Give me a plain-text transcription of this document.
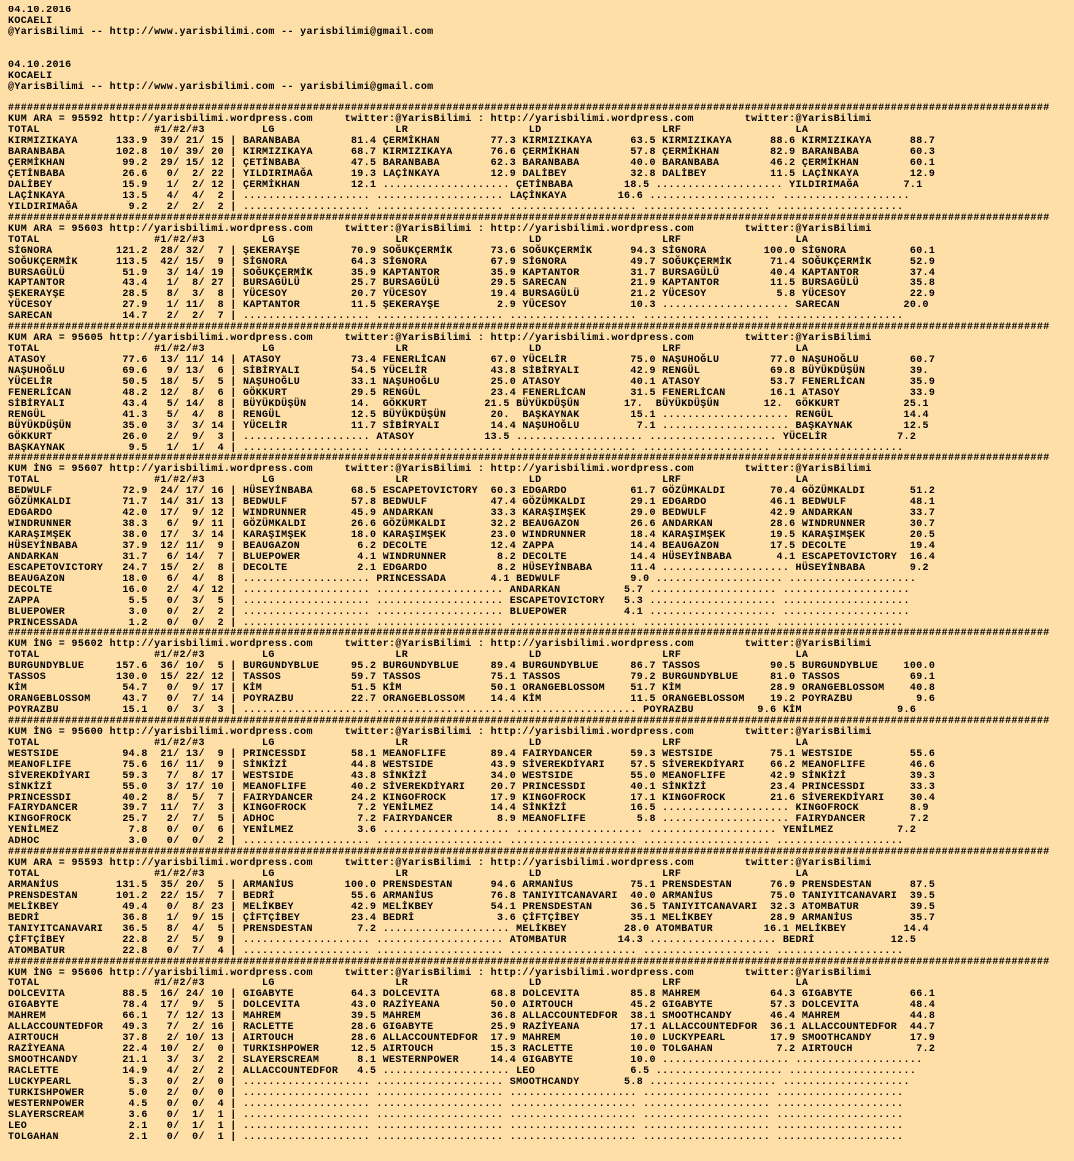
04.10.2016
KOCAELI
@YarisBilimi -- http://www.yarisbilimi.com -- yarisbilimi@gmail.com

04.10.2016
KOCAELI
@YarisBilimi -- http://www.yarisbilimi.com -- yarisbilimi@gmail.com

####################################################################################################################################################################
KUM ARA = 95592 http://yarisbilimi.wordpress.com     twitter:@YarisBilimi : http://yarisbilimi.wordpress.com        twitter:@YarisBilimi
TOTAL                  #1/#2/#3         LG                   LR                   LD                   LRF                  LA
KIRMIZIKAYA      133.9  39/ 21/ 15 | BARANBABA        81.4 ÇERMİKHAN        77.3 KIRMIZIKAYA      63.5 KIRMIZIKAYA      88.6 KIRMIZIKAYA      88.7
BARANBABA        102.8  10/ 39/ 20 | KIRMIZIKAYA      68.7 KIRMIZIKAYA      76.6 ÇERMİKHAN        57.8 ÇERMİKHAN        82.9 BARANBABA        60.3
ÇERMİKHAN         99.2  29/ 15/ 12 | ÇETİNBABA        47.5 BARANBABA        62.3 BARANBABA        40.0 BARANBABA        46.2 ÇERMİKHAN        60.1
ÇETİNBABA         26.6   0/  2/ 22 | YILDIRIMAĞA      19.3 LAÇİNKAYA        12.9 DALİBEY          32.8 DALİBEY          11.5 LAÇİNKAYA        12.9
DALİBEY           15.9   1/  2/ 12 | ÇERMİKHAN        12.1 .................... ÇETİNBABA        18.5 .................... YILDIRIMAĞA       7.1
LAÇİNKAYA         13.5   4/  4/  2 | .................... .................... LAÇİNKAYA        16.6 .................... ....................
YILDIRIMAĞA        9.2   2/  2/  2 | .................... .................... .................... .................... ....................
####################################################################################################################################################################
KUM ARA = 95603 http://yarisbilimi.wordpress.com     twitter:@YarisBilimi : http://yarisbilimi.wordpress.com        twitter:@YarisBilimi
TOTAL                  #1/#2/#3         LG                   LR                   LD                   LRF                  LA
SİGNORA          121.2  28/ 32/  7 | ŞEKERAYŞE        70.9 SOĞUKÇERMİK      73.6 SOĞUKÇERMİK      94.3 SİGNORA         100.0 SİGNORA          60.1
SOĞUKÇERMİK      113.5  42/ 15/  9 | SİGNORA          64.3 SİGNORA          67.9 SİGNORA          49.7 SOĞUKÇERMİK      71.4 SOĞUKÇERMİK      52.9
BURSAGÜLÜ         51.9   3/ 14/ 19 | SOĞUKÇERMİK      35.9 KAPTANTOR        35.9 KAPTANTOR        31.7 BURSAGÜLÜ        40.4 KAPTANTOR        37.4
KAPTANTOR         43.4   1/  8/ 27 | BURSAGÜLÜ        25.7 BURSAGÜLÜ        29.5 SARECAN          21.9 KAPTANTOR        11.5 BURSAGÜLÜ        35.8
ŞEKERAYŞE         28.5   8/  3/  8 | YÜCESOY          20.7 YÜCESOY          19.4 BURSAGÜLÜ        21.2 YÜCESOY           5.8 YÜCESOY          22.9
YÜCESOY           27.9   1/ 11/  8 | KAPTANTOR        11.5 ŞEKERAYŞE         2.9 YÜCESOY          10.3 .................... SARECAN          20.0
SARECAN           14.7   2/  2/  7 | .................... .................... .................... .................... ....................
####################################################################################################################################################################
KUM ARA = 95605 http://yarisbilimi.wordpress.com     twitter:@YarisBilimi : http://yarisbilimi.wordpress.com        twitter:@YarisBilimi
TOTAL                  #1/#2/#3         LG                   LR                   LD                   LRF                  LA
ATASOY            77.6  13/ 11/ 14 | ATASOY           73.4 FENERLİCAN       67.0 YÜCELİR          75.0 NAŞUHOĞLU        77.0 NAŞUHOĞLU        60.7
NAŞUHOĞLU         69.6   9/ 13/  6 | SİBİRYALI        54.5 YÜCELİR          43.8 SİBİRYALI        42.9 RENGÜL           69.8 BÜYÜKDÜŞÜN       39.
YÜCELİR           50.5  18/  5/  5 | NAŞUHOĞLU        33.1 NAŞUHOĞLU        25.0 ATASOY           40.1 ATASOY           53.7 FENERLİCAN       35.9
FENERLİCAN        48.2  12/  8/  6 | GÖKKURT          29.5 RENGÜL           23.4 FENERLİCAN       31.5 FENERLİCAN       16.1 ATASOY           33.9
SİBİRYALI         43.4   5/ 14/  8 | BÜYÜKDÜŞÜN       14.  GÖKKURT         21.5 BÜYÜKDÜŞÜN       17.  BÜYÜKDÜŞÜN       12.  GÖKKURT          25.1
RENGÜL            41.3   5/  4/  8 | RENGÜL           12.5 BÜYÜKDÜŞÜN       20.  BAŞKAYNAK        15.1 .................... RENGÜL           14.4
BÜYÜKDÜŞÜN        35.0   3/  3/ 14 | YÜCELİR          11.7 SİBİRYALI        14.4 NAŞUHOĞLU         7.1 .................... BAŞKAYNAK        12.5
GÖKKURT           26.0   2/  9/  3 | .................... ATASOY           13.5 .................... .................... YÜCELİR           7.2
BAŞKAYNAK          9.5   1/  1/  4 | .................... .................... .................... .................... ....................
####################################################################################################################################################################
KUM İNG = 95607 http://yarisbilimi.wordpress.com     twitter:@YarisBilimi : http://yarisbilimi.wordpress.com        twitter:@YarisBilimi
TOTAL                  #1/#2/#3         LG                   LR                   LD                   LRF                  LA
BEDWULF           72.9  24/ 17/ 16 | HÜSEYİNBABA      68.5 ESCAPETOVICTORY  60.3 EDGARDO          61.7 GÖZÜMKALDI       70.4 GÖZÜMKALDI       51.2
GÖZÜMKALDI        71.7  14/ 31/ 13 | BEDWULF          57.8 BEDWULF          47.4 GÖZÜMKALDI       29.1 EDGARDO          46.1 BEDWULF          48.1
EDGARDO           42.0  17/  9/ 12 | WINDRUNNER       45.9 ANDARKAN         33.3 KARAŞIMŞEK       29.0 BEDWULF          42.9 ANDARKAN         33.7
WINDRUNNER        38.3   6/  9/ 11 | GÖZÜMKALDI       26.6 GÖZÜMKALDI       32.2 BEAUGAZON        26.6 ANDARKAN         28.6 WINDRUNNER       30.7
KARAŞIMŞEK        38.0  17/  3/ 14 | KARAŞIMŞEK       18.0 KARAŞIMŞEK       23.0 WINDRUNNER       18.4 KARAŞIMŞEK       19.5 KARAŞIMŞEK       20.5
HÜSEYİNBABA       37.9  12/ 11/  9 | BEAUGAZON         6.2 DECOLTE          12.4 ZAPPA            14.4 BEAUGAZON        17.5 DECOLTE          19.4
ANDARKAN          31.7   6/ 14/  7 | BLUEPOWER         4.1 WINDRUNNER        8.2 DECOLTE          14.4 HÜSEYİNBABA       4.1 ESCAPETOVICTORY  16.4
ESCAPETOVICTORY   24.7  15/  2/  8 | DECOLTE           2.1 EDGARDO           8.2 HÜSEYİNBABA      11.4 .................... HÜSEYİNBABA       9.2
BEAUGAZON         18.0   6/  4/  8 | .................... PRINCESSADA       4.1 BEDWULF           9.0 .................... ....................
DECOLTE           16.0   2/  4/ 12 | .................... .................... ANDARKAN          5.7 .................... ....................
ZAPPA              5.5   0/  3/  5 | .................... .................... ESCAPETOVICTORY   5.3 .................... ....................
BLUEPOWER          3.0   0/  2/  2 | .................... .................... BLUEPOWER         4.1 .................... ....................
PRINCESSADA        1.2   0/  0/  2 | .................... .................... .................... .................... ....................
####################################################################################################################################################################
KUM İNG = 95602 http://yarisbilimi.wordpress.com     twitter:@YarisBilimi : http://yarisbilimi.wordpress.com        twitter:@YarisBilimi
TOTAL                  #1/#2/#3         LG                   LR                   LD                   LRF                  LA
BURGUNDYBLUE     157.6  36/ 10/  5 | BURGUNDYBLUE     95.2 BURGUNDYBLUE     89.4 BURGUNDYBLUE     86.7 TASSOS           90.5 BURGUNDYBLUE    100.0
TASSOS           130.0  15/ 22/ 12 | TASSOS           59.7 TASSOS           75.1 TASSOS           79.2 BURGUNDYBLUE     81.0 TASSOS           69.1
KİM               54.7   0/  9/ 17 | KİM              51.5 KİM              50.1 ORANGEBLOSSOM    51.7 KİM              28.9 ORANGEBLOSSOM    40.8
ORANGEBLOSSOM     43.7   0/  7/ 14 | POYRAZBU         22.7 ORANGEBLOSSOM    14.4 KİM              11.5 ORANGEBLOSSOM    19.2 POYRAZBU          9.6
POYRAZBU          15.1   0/  3/  3 | .................... .................... .................... POYRAZBU          9.6 KİM               9.6
####################################################################################################################################################################
KUM İNG = 95600 http://yarisbilimi.wordpress.com     twitter:@YarisBilimi : http://yarisbilimi.wordpress.com        twitter:@YarisBilimi
TOTAL                  #1/#2/#3         LG                   LR                   LD                   LRF                  LA
WESTSIDE          94.8  21/ 13/  9 | PRINCESSDI       58.1 MEANOFLIFE       89.4 FAIRYDANCER      59.3 WESTSIDE         75.1 WESTSIDE         55.6
MEANOFLIFE        75.6  16/ 11/  9 | SİNKİZİ          44.8 WESTSIDE         43.9 SİVEREKDİYARI    57.5 SİVEREKDİYARI    66.2 MEANOFLIFE       46.6
SİVEREKDİYARI     59.3   7/  8/ 17 | WESTSIDE         43.8 SİNKİZİ          34.0 WESTSIDE         55.0 MEANOFLIFE       42.9 SİNKİZİ          39.3
SİNKİZİ           55.0   3/ 17/ 10 | MEANOFLIFE       40.2 SİVEREKDİYARI    20.7 PRINCESSDI       40.1 SİNKİZİ          23.4 PRINCESSDI       33.3
PRINCESSDI        40.2   8/  5/  7 | FAIRYDANCER      24.2 KINGOFROCK       17.9 KINGOFROCK       17.1 KINGOFROCK       21.6 SİVEREKDİYARI    30.4
FAIRYDANCER       39.7  11/  7/  3 | KINGOFROCK        7.2 YENİLMEZ         14.4 SİNKİZİ          16.5 .................... KINGOFROCK        8.9
KINGOFROCK        25.7   2/  7/  5 | ADHOC             7.2 FAIRYDANCER       8.9 MEANOFLIFE        5.8 .................... FAIRYDANCER       7.2
YENİLMEZ           7.8   0/  0/  6 | YENİLMEZ          3.6 .................... .................... .................... YENİLMEZ          7.2
ADHOC              3.0   0/  0/  2 | .................... .................... .................... .................... ....................
####################################################################################################################################################################
KUM ARA = 95593 http://yarisbilimi.wordpress.com     twitter:@YarisBilimi : http://yarisbilimi.wordpress.com        twitter:@YarisBilimi
TOTAL                  #1/#2/#3         LG                   LR                   LD                   LRF                  LA
ARMANİUS         131.5  35/ 20/  5 | ARMANİUS        100.0 PRENSDESTAN      94.6 ARMANİUS         75.1 PRENSDESTAN      76.9 PRENSDESTAN      87.5
PRENSDESTAN      101.2  22/ 15/  7 | BEDRİ            55.6 ARMANİUS         76.8 TANIYITCANAVARI  40.0 ARMANİUS         75.0 TANIYITCANAVARI  39.5
MELİKBEY          49.4   0/  8/ 23 | MELİKBEY         42.9 MELİKBEY         54.1 PRENSDESTAN      36.5 TANIYITCANAVARI  32.3 ATOMBATUR        39.5
BEDRİ             36.8   1/  9/ 15 | ÇİFTÇİBEY        23.4 BEDRİ             3.6 ÇİFTÇİBEY        35.1 MELİKBEY         28.9 ARMANİUS         35.7
TANIYITCANAVARI   36.5   8/  4/  5 | PRENSDESTAN       7.2 .................... MELİKBEY         28.0 ATOMBATUR        16.1 MELİKBEY         14.4
ÇİFTÇİBEY         22.8   2/  5/  9 | .................... .................... ATOMBATUR        14.3 .................... BEDRİ            12.5
ATOMBATUR         22.8   0/  7/  4 | .................... .................... .................... .................... ....................
####################################################################################################################################################################
KUM İNG = 95606 http://yarisbilimi.wordpress.com     twitter:@YarisBilimi : http://yarisbilimi.wordpress.com        twitter:@YarisBilimi
TOTAL                  #1/#2/#3         LG                   LR                   LD                   LRF                  LA
DOLCEVITA         88.5  16/ 24/ 10 | GIGABYTE         64.3 DOLCEVITA        68.8 DOLCEVITA        85.8 MAHREM           64.3 GIGABYTE         66.1
GIGABYTE          78.4  17/  9/  5 | DOLCEVITA        43.0 RAZİYEANA        50.0 AIRTOUCH         45.2 GIGABYTE         57.3 DOLCEVITA        48.4
MAHREM            66.1   7/ 12/ 13 | MAHREM           39.5 MAHREM           36.8 ALLACCOUNTEDFOR  38.1 SMOOTHCANDY      46.4 MAHREM           44.8
ALLACCOUNTEDFOR   49.3   7/  2/ 16 | RACLETTE         28.6 GIGABYTE         25.9 RAZİYEANA        17.1 ALLACCOUNTEDFOR  36.1 ALLACCOUNTEDFOR  44.7
AIRTOUCH          37.8   2/ 10/ 13 | AIRTOUCH         28.6 ALLACCOUNTEDFOR  17.9 MAHREM           10.0 LUCKYPEARL       17.9 SMOOTHCANDY      17.9
RAZİYEANA         22.4  10/  2/  0 | TURKISHPOWER     12.5 AIRTOUCH         15.3 RACLETTE         10.0 TOLGAHAN          7.2 AIRTOUCH          7.2
SMOOTHCANDY       21.1   3/  3/  2 | SLAYERSCREAM      8.1 WESTERNPOWER     14.4 GIGABYTE         10.0 .................... ....................
RACLETTE          14.9   4/  2/  2 | ALLACCOUNTEDFOR   4.5 .................... LEO               6.5 .................... ....................
LUCKYPEARL         5.3   0/  2/  0 | .................... .................... SMOOTHCANDY       5.8 .................... ....................
TURKISHPOWER       5.0   2/  0/  0 | .................... .................... .................... .................... ....................
WESTERNPOWER       4.5   0/  0/  4 | .................... .................... .................... .................... ....................
SLAYERSCREAM       3.6   0/  1/  1 | .................... .................... .................... .................... ....................
LEO                2.1   0/  1/  1 | .................... .................... .................... .................... ....................
TOLGAHAN           2.1   0/  0/  1 | .................... .................... .................... .................... ....................
